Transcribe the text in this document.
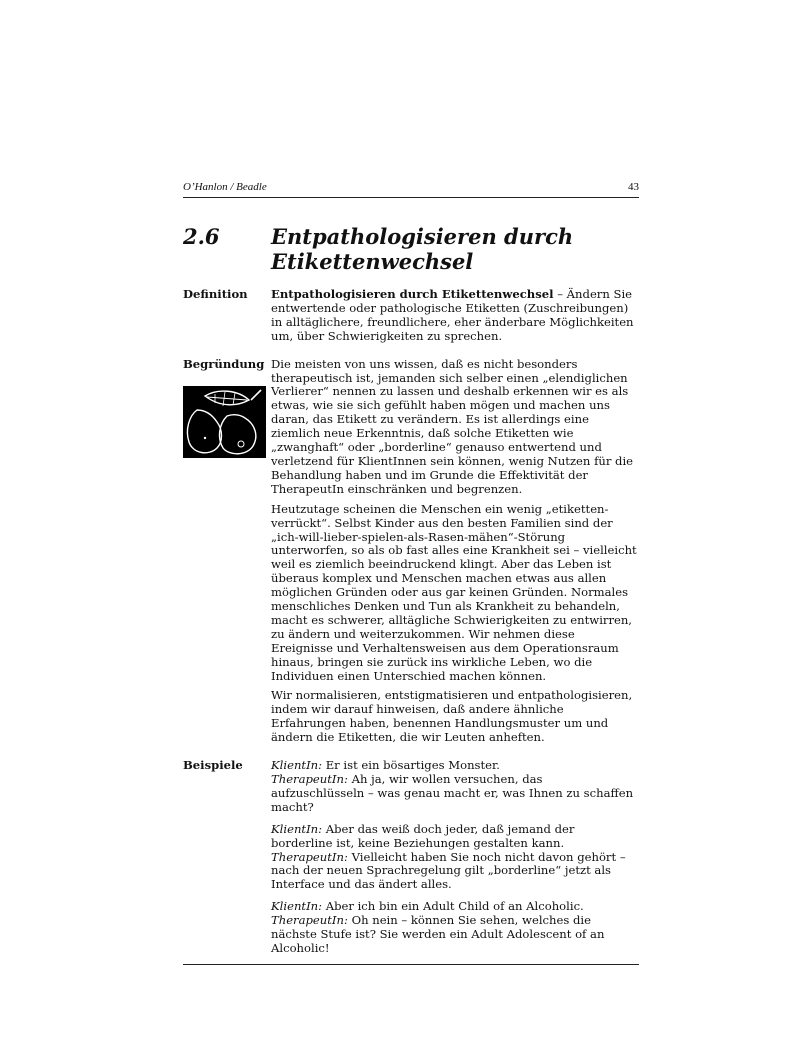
O’Hanlon / Beadle	43
2.6	Entpathologisieren durch
Etikettenwechsel
Definition	Entpathologisieren durch Etikettenwechsel – Ändern Sie entwertende oder pathologische Etiketten (Zuschreibungen) in alltäglichere, freundlichere, eher änderbare Möglichkeiten um, über Schwierigkeiten zu sprechen.

Begründung Die meisten von uns wissen, daß es nicht besonders therapeutisch ist, jemanden sich selber einen „elendiglichen Verlierer“ nennen zu lassen und deshalb erkennen wir es als etwas, wie sie sich gefühlt haben mögen und machen uns daran, das Etikett zu verändern. Es ist allerdings eine ziemlich neue Erkenntnis, daß solche Etiketten wie „zwanghaft“ oder „borderline“ genauso entwertend und verletzend für KlientInnen sein können, wenig Nutzen für die Behandlung haben und im Grunde die Effektivität der TherapeutIn einschränken und begrenzen.

Heutzutage scheinen die Menschen ein wenig „etiketten-verrückt“. Selbst Kinder aus den besten Familien sind der „ich-will-lieber-spielen-als-Rasen-mähen“-Störung unterworfen, so als ob fast alles eine Krankheit sei – vielleicht weil es ziemlich beeindruckend klingt. Aber das Leben ist überaus komplex und Menschen machen etwas aus allen möglichen Gründen oder aus gar keinen Gründen. Normales menschliches Denken und Tun als Krankheit zu behandeln, macht es schwerer, alltägliche Schwierigkeiten zu entwirren, zu ändern und weiterzukommen. Wir nehmen diese Ereignisse und Verhaltensweisen aus dem Operationsraum hinaus, bringen sie zurück ins wirkliche Leben, wo die Individuen einen Unterschied machen können.

Wir normalisieren, entstigmatisieren und entpathologisieren, indem wir darauf hinweisen, daß andere ähnliche Erfahrungen haben, benennen Handlungsmuster um und ändern die Etiketten, die wir Leuten anheften.

Beispiele	KlientIn: Er ist ein bösartiges Monster.
TherapeutIn: Ah ja, wir wollen versuchen, das aufzuschlüsseln – was genau macht er, was Ihnen zu schaffen macht?

KlientIn: Aber das weiß doch jeder, daß jemand der borderline ist, keine Beziehungen gestalten kann.
TherapeutIn: Vielleicht haben Sie noch nicht davon gehört – nach der neuen Sprachregelung gilt „borderline“ jetzt als Interface und das ändert alles.

KlientIn: Aber ich bin ein Adult Child of an Alcoholic.
TherapeutIn: Oh nein – können Sie sehen, welches die nächste Stufe ist? Sie werden ein Adult Adolescent of an Alcoholic!
